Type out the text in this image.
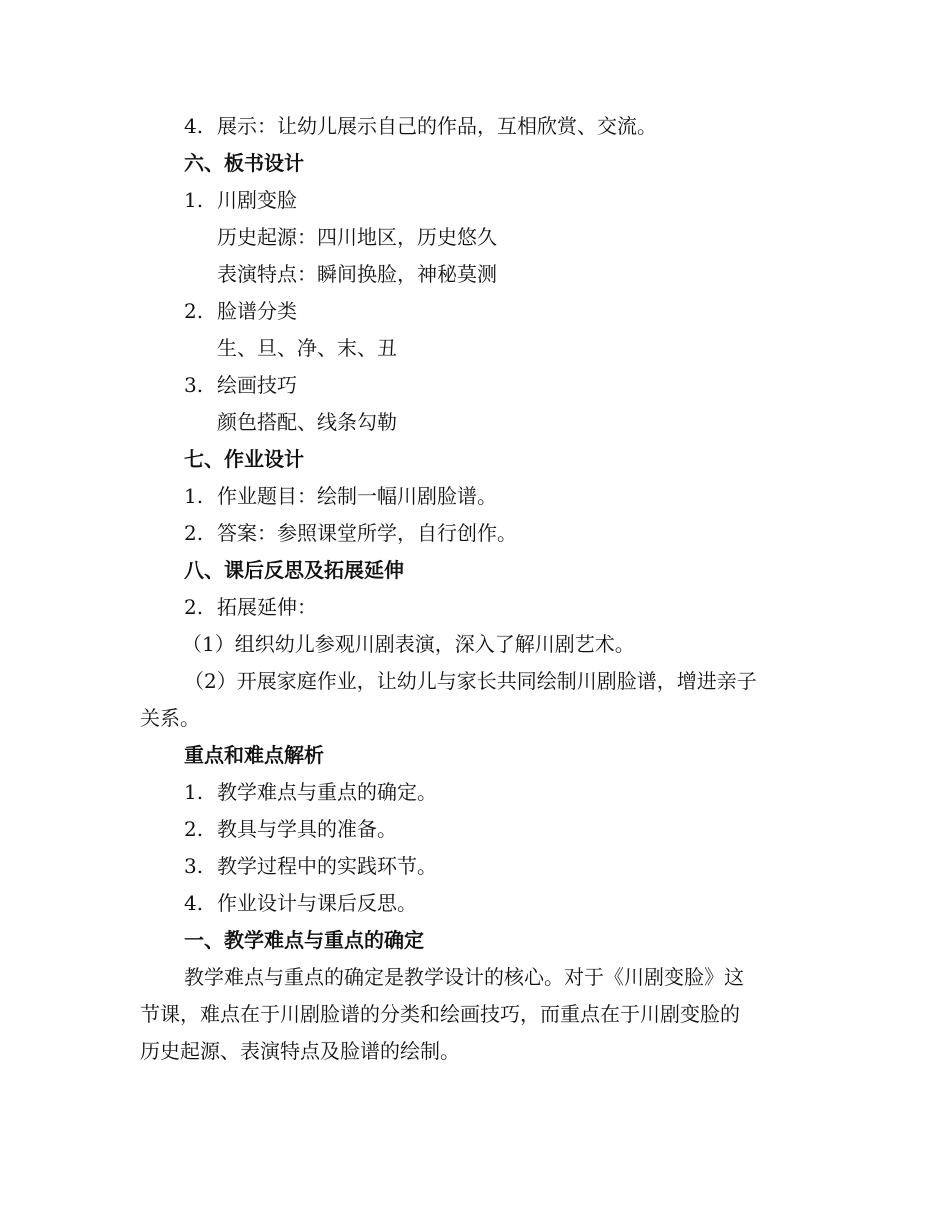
4. 展示：让幼儿展示自己的作品，互相欣赏、交流。
六、板书设计
1. 川剧变脸
历史起源：四川地区，历史悠久
表演特点：瞬间换脸，神秘莫测
2. 脸谱分类
生、旦、净、末、丑
3. 绘画技巧
颜色搭配、线条勾勒
七、作业设计
1. 作业题目：绘制一幅川剧脸谱。
2. 答案：参照课堂所学，自行创作。
八、课后反思及拓展延伸
2. 拓展延伸：
（1）组织幼儿参观川剧表演，深入了解川剧艺术。
（2）开展家庭作业，让幼儿与家长共同绘制川剧脸谱，增进亲子
关系。
重点和难点解析
1. 教学难点与重点的确定。
2. 教具与学具的准备。
3. 教学过程中的实践环节。
4. 作业设计与课后反思。
一、教学难点与重点的确定
教学难点与重点的确定是教学设计的核心。对于《川剧变脸》这
节课，难点在于川剧脸谱的分类和绘画技巧，而重点在于川剧变脸的
历史起源、表演特点及脸谱的绘制。
